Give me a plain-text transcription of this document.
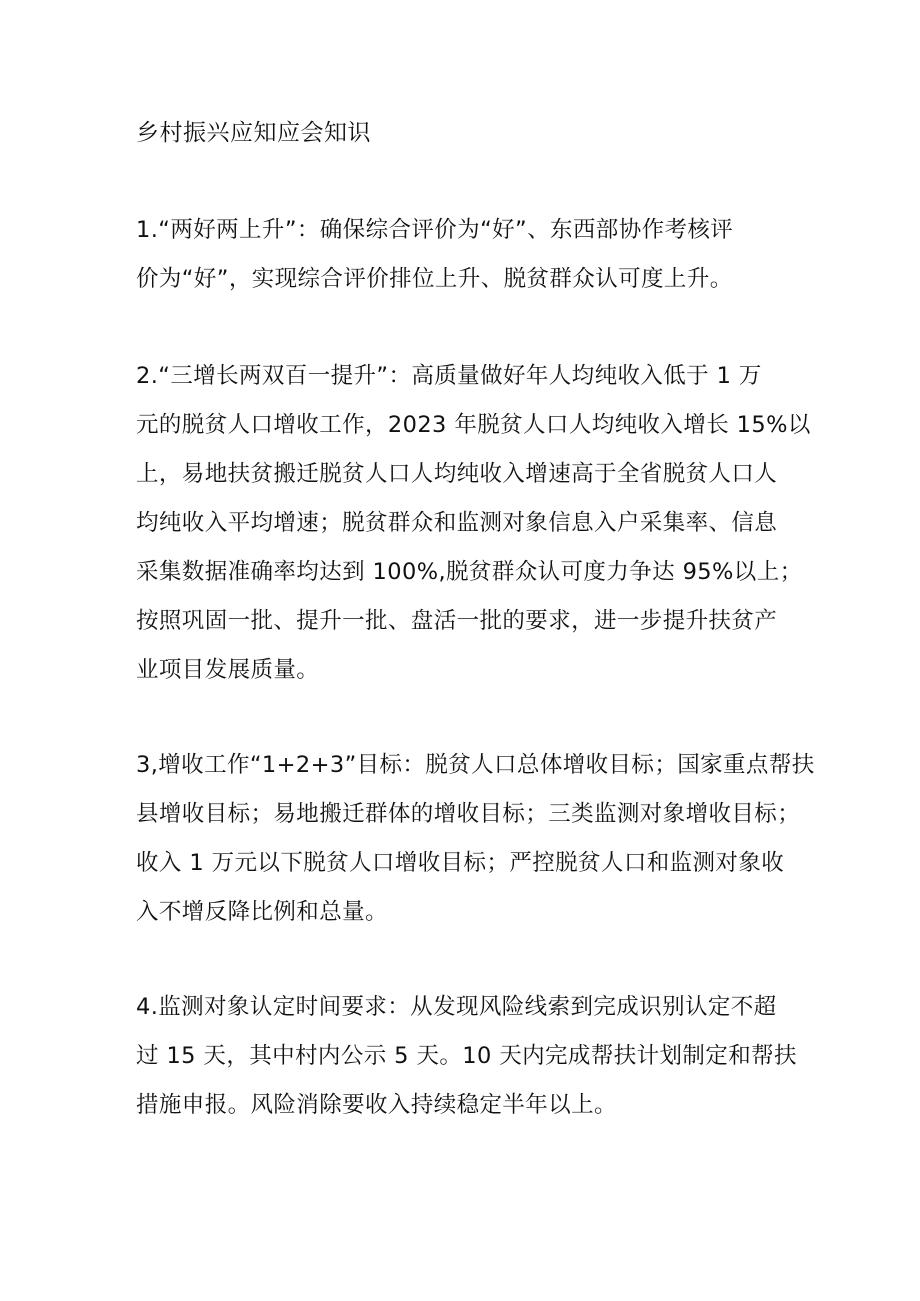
乡村振兴应知应会知识
1.“两好两上升”：确保综合评价为“好”、东西部协作考核评
价为“好”，实现综合评价排位上升、脱贫群众认可度上升。
2.“三增长两双百一提升”：高质量做好年人均纯收入低于 1 万
元的脱贫人口增收工作，2023 年脱贫人口人均纯收入增长 15%以
上，易地扶贫搬迁脱贫人口人均纯收入增速高于全省脱贫人口人
均纯收入平均增速；脱贫群众和监测对象信息入户采集率、信息
采集数据准确率均达到 100%,脱贫群众认可度力争达 95%以上；
按照巩固一批、提升一批、盘活一批的要求，进一步提升扶贫产
业项目发展质量。
3,增收工作“1+2+3”目标：脱贫人口总体增收目标；国家重点帮扶
县增收目标；易地搬迁群体的增收目标；三类监测对象增收目标；
收入 1 万元以下脱贫人口增收目标；严控脱贫人口和监测对象收
入不增反降比例和总量。
4.监测对象认定时间要求：从发现风险线索到完成识别认定不超
过 15 天，其中村内公示 5 天。10 天内完成帮扶计划制定和帮扶
措施申报。风险消除要收入持续稳定半年以上。
